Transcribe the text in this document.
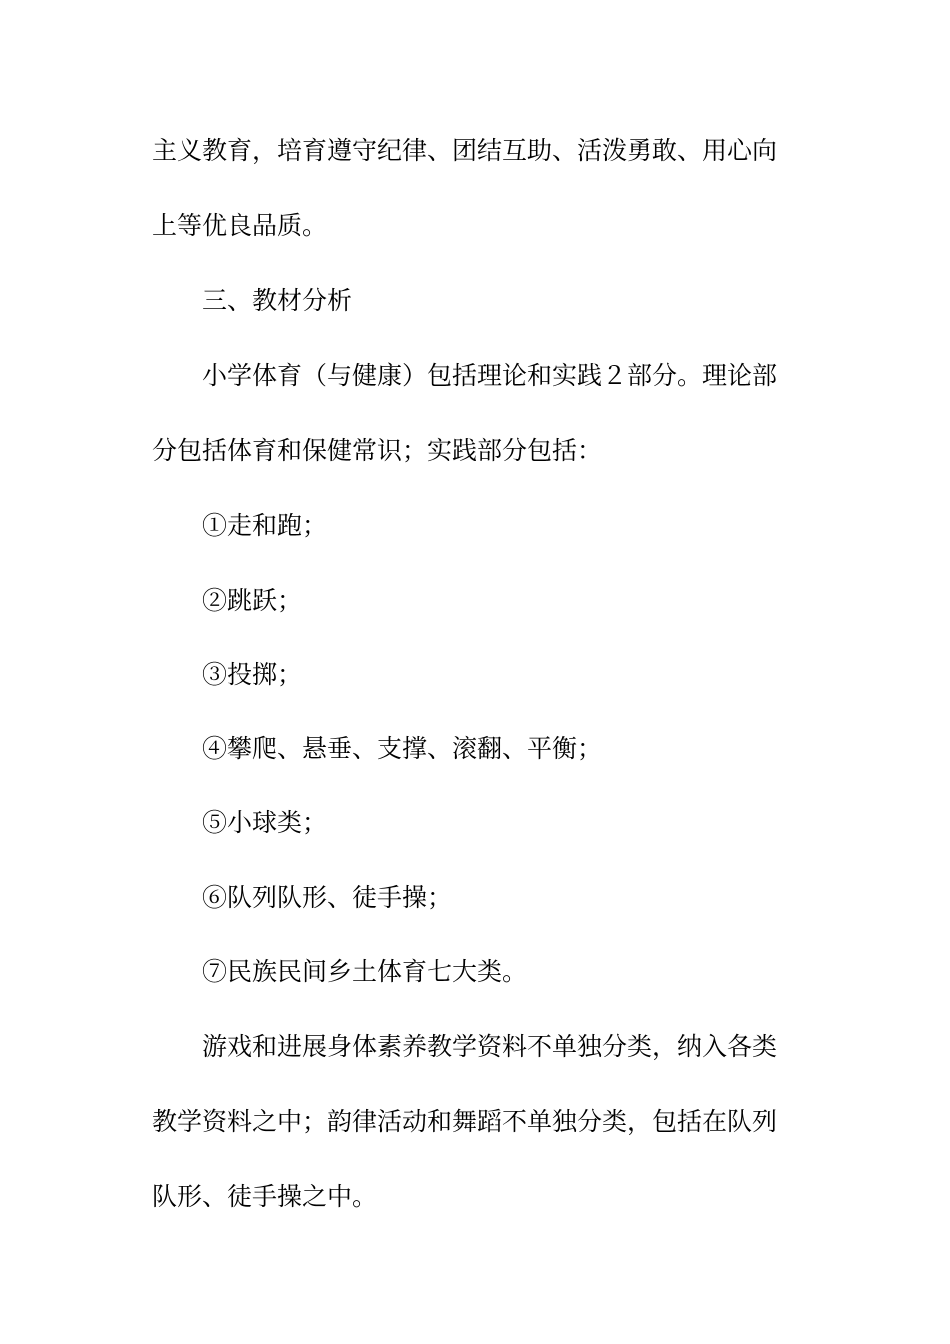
主义教育，培育遵守纪律、团结互助、活泼勇敢、用心向
上等优良品质。
三、教材分析
小学体育（与健康）包括理论和实践２部分。理论部
分包括体育和保健常识；实践部分包括：
①走和跑；
②跳跃；
③投掷；
④攀爬、悬垂、支撑、滚翻、平衡；
⑤小球类；
⑥队列队形、徒手操；
⑦民族民间乡土体育七大类。
游戏和进展身体素养教学资料不单独分类，纳入各类
教学资料之中；韵律活动和舞蹈不单独分类，包括在队列
队形、徒手操之中。
